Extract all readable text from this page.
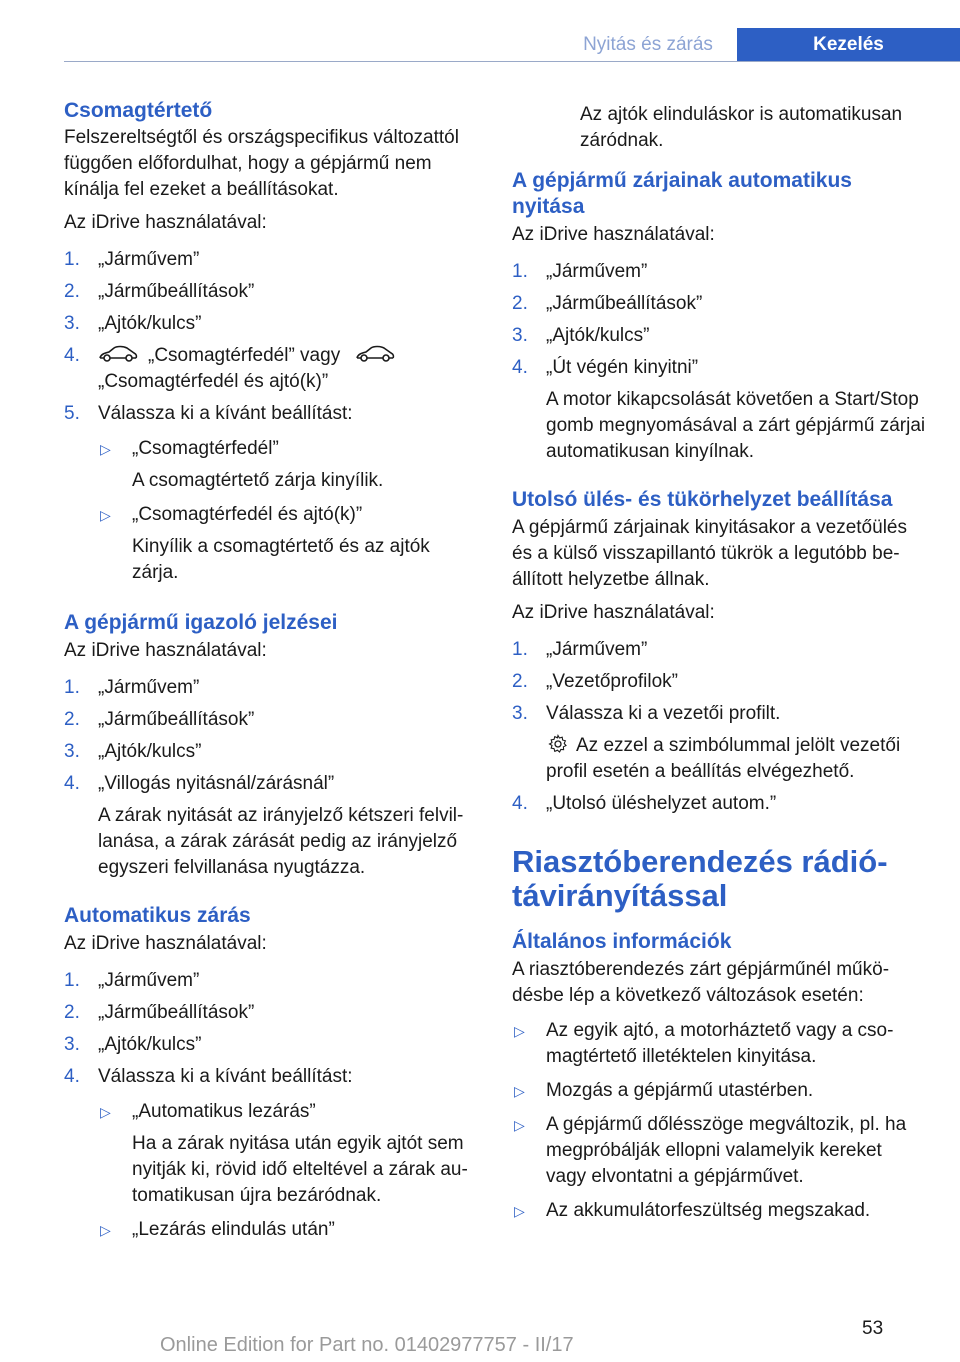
Nyitás és zárás	Kezelés
Csomagtértető

Felszereltségtől és országspecifikus változattól függően előfordulhat, hogy a gépjármű nem kínálja fel ezeket a beállításokat.

Az iDrive használatával:

1. „Járművem”
2. „Járműbeállítások”
3. „Ajtók/kulcs”
4.	„Csomagtérfedél” vagy
„Csomagtérfedél és ajtó(k)”
5. Válassza ki a kívánt beállítást:
▷ „Csomagtérfedél”
A csomagtértető zárja kinyílik.
▷ „Csomagtérfedél és ajtó(k)”
Kinyílik a csomagtértető és az ajtók zárja.
A gépjármű igazoló jelzései

Az iDrive használatával:

1. „Járművem”
2. „Járműbeállítások”
3. „Ajtók/kulcs”
4. „Villogás nyitásnál/zárásnál”
A zárak nyitását az irányjelző kétszeri felvillanása, a zárak zárását pedig az irányjelző egyszeri felvillanása nyugtázza.
Automatikus zárás

Az iDrive használatával:

1. „Járművem”
2. „Járműbeállítások”
3. „Ajtók/kulcs”
4. Válassza ki a kívánt beállítást:
▷ „Automatikus lezárás”
Ha a zárak nyitása után egyik ajtót sem nyitják ki, rövid idő elteltével a zárak automatikusan újra bezáródnak.
▷ „Lezárás elindulás után”

Az ajtók elinduláskor is automatikusan záródnak.

A gépjármű zárjainak automatikus nyitása

Az iDrive használatával:

1. „Járművem”
2. „Járműbeállítások”
3. „Ajtók/kulcs”
4. „Út végén kinyitni”
A motor kikapcsolását követően a Start/Stop gomb megnyomásával a zárt gépjármű zárjai automatikusan kinyílnak.
Utolsó ülés- és tükörhelyzet beállítása

A gépjármű zárjainak kinyitásakor a vezetőülés és a külső visszapillantó tükrök a legutóbb beállított helyzetbe állnak.

Az iDrive használatával:

1. „Járművem”
2. „Vezetőprofilok”
3. Válassza ki a vezetői profilt.
Az ezzel a szimbólummal jelölt vezetői profil esetén a beállítás elvégezhető.
4. „Utolsó üléshelyzet autom.”
Riasztóberendezés rádiótávirányítással
Általános információk

A riasztóberendezés zárt gépjárműnél működésbe lép a következő változások esetén:

▷ Az egyik ajtó, a motorháztető vagy a csomagtértető illetéktelen kinyitása.
▷ Mozgás a gépjármű utastérben.
▷ A gépjármű dőlésszöge megváltozik, pl. ha megpróbálják ellopni valamelyik kereket vagy elvontatni a gépjárművet.
▷ Az akkumulátorfeszültség megszakad.
53
Online Edition for Part no. 01402977757 - II/17
